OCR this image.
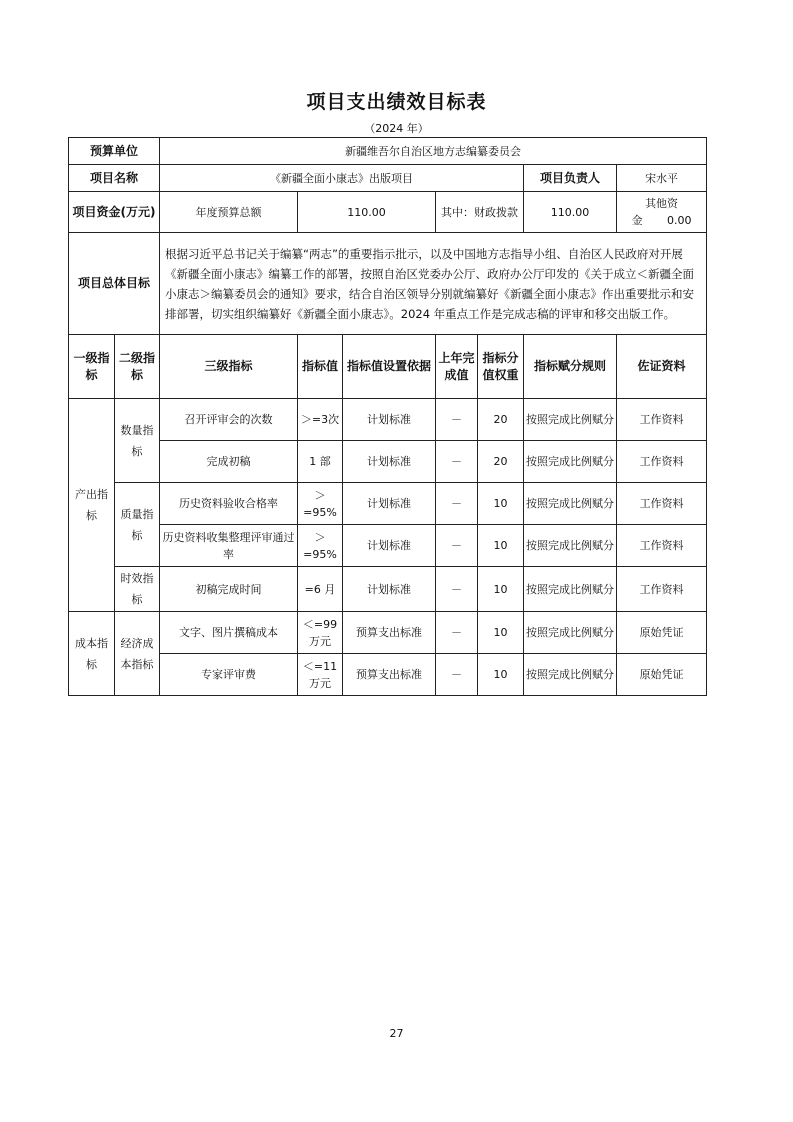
项目支出绩效目标表
（2024 年）
预算单位		新疆维吾尔自治区地方志编纂委员会						
项目名称		《新疆全面小康志》出版项目					项目负责人	宋水平
项目资金(万元)		年度预算总额	110.00		其中：财政拨款		110.00	其他资金 0.00
项目总体目标		根据习近平总书记关于编纂“两志”的重要指示批示，以及中国地方志指导小组、自治区人民政府对开展《新疆全面小康志》编纂工作的部署，按照自治区党委办公厅、政府办公厅印发的《关于成立＜新疆全面小康志＞编纂委员会的通知》要求，结合自治区领导分别就编纂好《新疆全面小康志》作出重要批示和安排部署，切实组织编纂好《新疆全面小康志》。2024 年重点工作是完成志稿的评审和移交出版工作。						
一级指标	二级指标	三级指标	指标值	指标值设置依据	上年完成值	指标分值权重	指标赋分规则	佐证资料
产出指标	数量指标	召开评审会的次数	＞=3次	计划标准	－	20	按照完成比例赋分	工作资料
		完成初稿	1 部	计划标准	－	20	按照完成比例赋分	工作资料
	质量指标	历史资料验收合格率	＞=95%	计划标准	－	10	按照完成比例赋分	工作资料
		历史资料收集整理评审通过率	＞=95%	计划标准	－	10	按照完成比例赋分	工作资料
	时效指标	初稿完成时间	=6 月	计划标准	－	10	按照完成比例赋分	工作资料
成本指标	经济成本指标	文字、图片撰稿成本	＜=99万元	预算支出标准	－	10	按照完成比例赋分	原始凭证
		专家评审费	＜=11万元	预算支出标准	－	10	按照完成比例赋分	原始凭证
27
